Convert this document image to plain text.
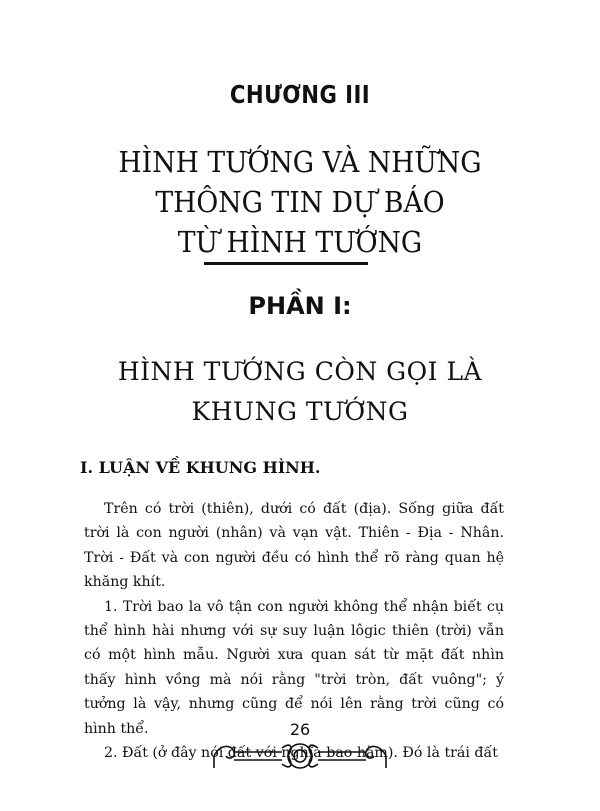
CHƯƠNG III
HÌNH TƯỚNG VÀ NHỮNG
THÔNG TIN DỰ BÁO
TỪ HÌNH TƯỚNG
PHẦN I:
HÌNH TƯỚNG CÒN GỌI LÀ
KHUNG TƯỚNG
I. LUẬN VỀ KHUNG HÌNH.

Trên có trời (thiên), dưới có đất (địa). Sống giữa đất trời là con người (nhân) và vạn vật. Thiên - Địa - Nhân. Trời - Đất và con người đều có hình thể rõ ràng quan hệ khăng khít.

1. Trời bao la vô tận con người không thể nhận biết cụ thể hình hài nhưng với sự suy luận lôgic thiên (trời) vẫn có một hình mẫu. Người xưa quan sát từ mặt đất nhìn thấy hình vồng mà nói rằng "trời tròn, đất vuông"; ý tưởng là vậy, nhưng cũng để nói lên rằng trời cũng có hình thể.

2. Đất (ở đây nói đất với nghĩa bao hàm). Đó là trái đất

26
